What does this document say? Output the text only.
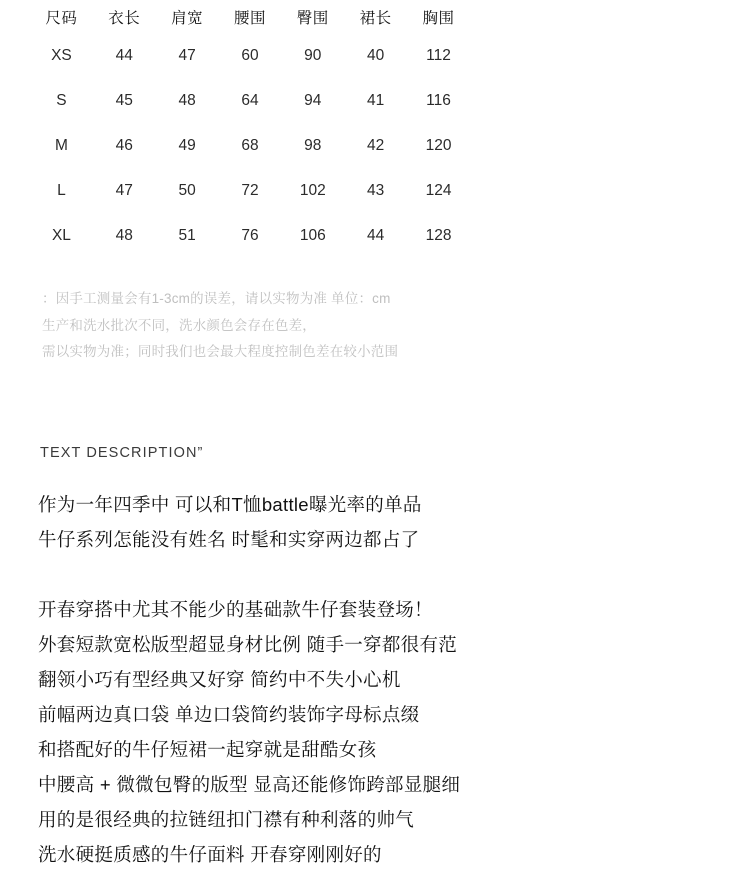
尺码	衣长	肩宽	腰围	臀围	裙长	胸围
XS	44	47	60	90	40	112
S	45	48	64	94	41	116
M	46	49	68	98	42	120
L	47	50	72	102	43	124
XL	48	51	76	106	44	128

：因手工测量会有1-3cm的误差，请以实物为准 单位：cm

生产和洗水批次不同，洗水颜色会存在色差，

需以实物为准；同时我们也会最大程度控制色差在较小范围

TEXT DESCRIPTION”

作为一年四季中 可以和T恤battle曝光率的单品

牛仔系列怎能没有姓名 时髦和实穿两边都占了

开春穿搭中尤其不能少的基础款牛仔套装登场！

外套短款宽松版型超显身材比例 随手一穿都很有范

翻领小巧有型经典又好穿 简约中不失小心机

前幅两边真口袋 单边口袋简约装饰字母标点缀

和搭配好的牛仔短裙一起穿就是甜酷女孩

中腰高 + 微微包臀的版型 显高还能修饰跨部显腿细

用的是很经典的拉链纽扣门襟有种利落的帅气

洗水硬挺质感的牛仔面料 开春穿刚刚好的
